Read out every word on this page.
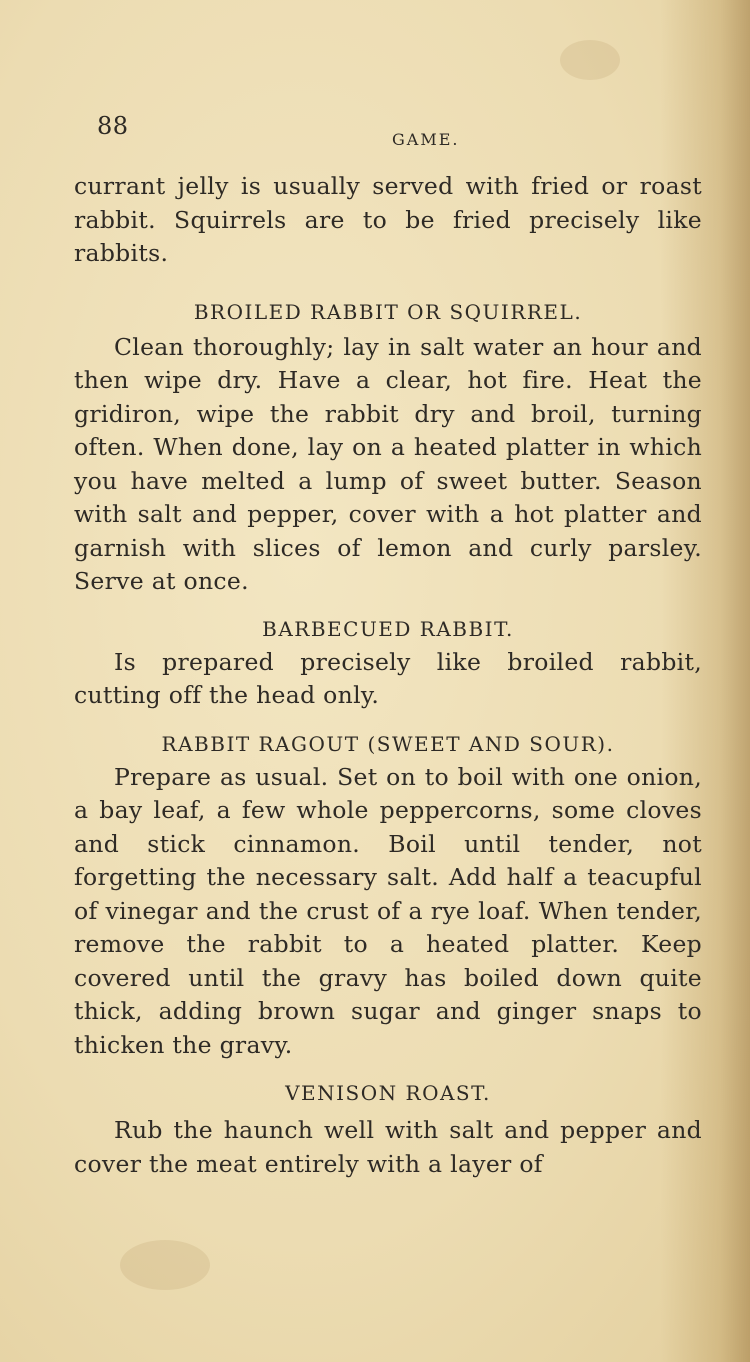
88	GAME.

currant jelly is usually served with fried or roast rabbit. Squirrels are to be fried precisely like rabbits.

BROILED RABBIT OR SQUIRREL.

Clean thoroughly; lay in salt water an hour and then wipe dry. Have a clear, hot fire. Heat the gridiron, wipe the rabbit dry and broil, turning often. When done, lay on a heated platter in which you have melted a lump of sweet butter. Season with salt and pepper, cover with a hot platter and garnish with slices of lemon and curly parsley. Serve at once.

BARBECUED RABBIT.

Is prepared precisely like broiled rabbit, cutting off the head only.

RABBIT RAGOUT (SWEET AND SOUR).

Prepare as usual. Set on to boil with one onion, a bay leaf, a few whole peppercorns, some cloves and stick cinnamon. Boil until tender, not forgetting the necessary salt. Add half a teacupful of vinegar and the crust of a rye loaf. When tender, remove the rabbit to a heated platter. Keep covered until the gravy has boiled down quite thick, adding brown sugar and ginger snaps to thicken the gravy.

VENISON ROAST.

Rub the haunch well with salt and pepper and cover the meat entirely with a layer of
